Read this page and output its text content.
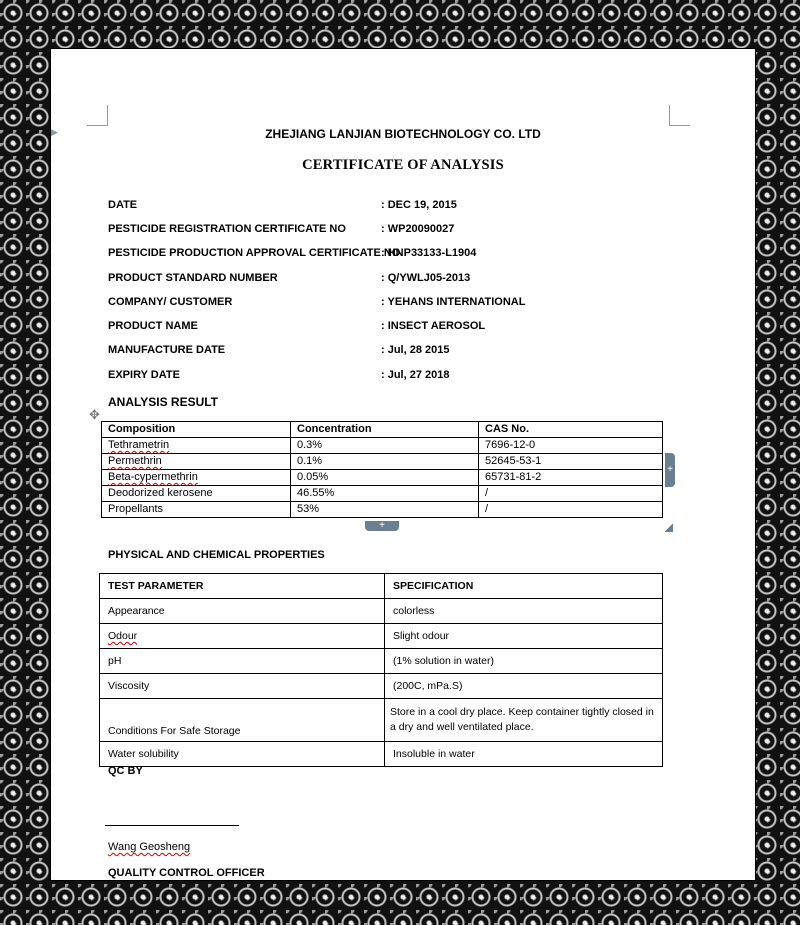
▶	ZHEJIANG LANJIAN BIOTECHNOLOGY CO. LTD
CERTIFICATE OF ANALYSIS
DATE	: DEC 19, 2015
PESTICIDE REGISTRATION CERTIFICATE NO	: WP20090027
PESTICIDE PRODUCTION APPROVAL CERTIFICATE NO
: HNP33133-L1904
PRODUCT STANDARD NUMBER	: Q/YWLJ05-2013
COMPANY/ CUSTOMER	: YEHANS INTERNATIONAL
PRODUCT NAME	: INSECT AEROSOL
MANUFACTURE DATE	: Jul, 28 2015
EXPIRY DATE	: Jul, 27 2018
ANALYSIS RESULT
✥
Composition	Concentration	CAS No.
Tethrametrin	0.3%	7696-12-0
Permethrin	0.1%	52645-53-1
Beta-cypermethrin	0.05%	65731-81-2
Deodorized kerosene	46.55%	/
Propellants	53%	/
+
+
PHYSICAL AND CHEMICAL PROPERTIES
TEST PARAMETER	SPECIFICATION
Appearance	colorless
Odour	Slight odour
pH	(1% solution in water)
Viscosity	(200C, mPa.S)
Conditions For Safe Storage	Store in a cool dry place. Keep container tightly closed in a dry and well ventilated place.
Water solubility	Insoluble in water
QC BY
Wang Geosheng
QUALITY CONTROL OFFICER
